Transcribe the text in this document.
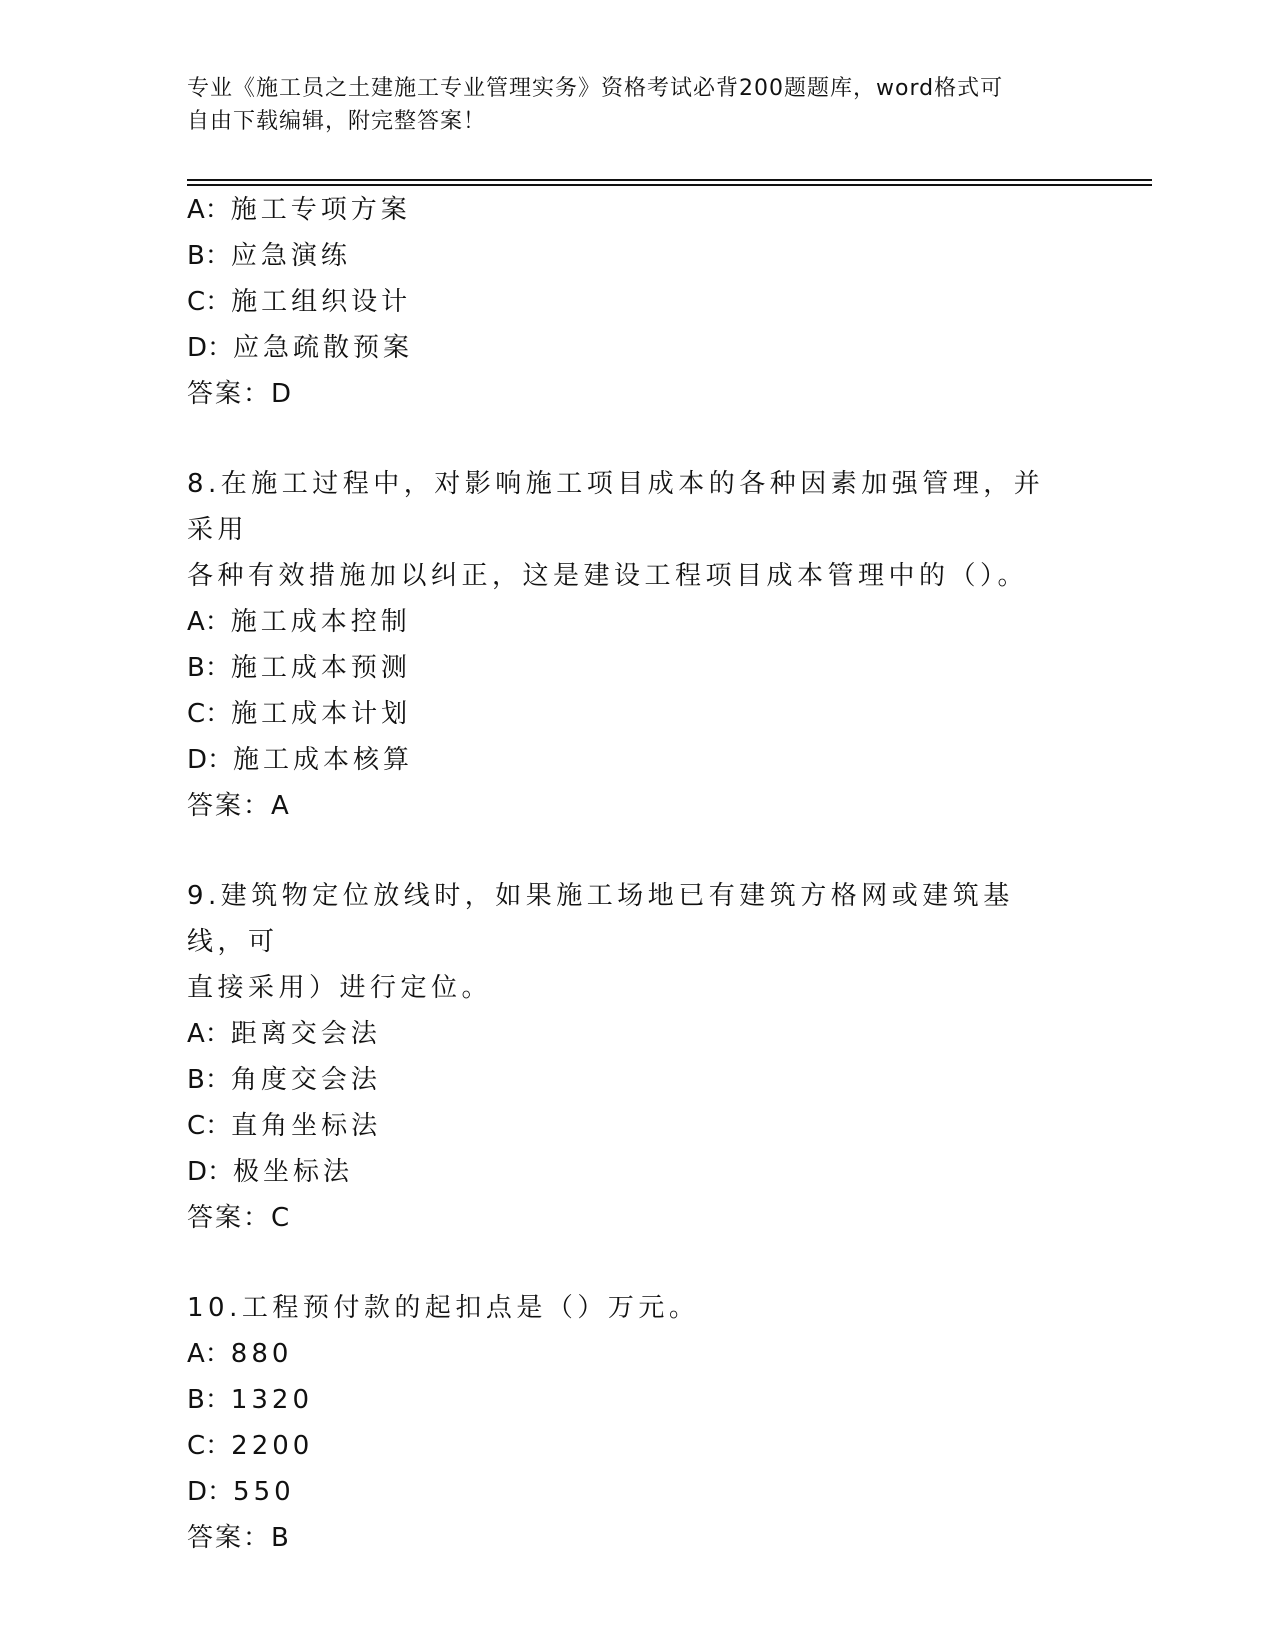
专业《施工员之土建施工专业管理实务》资格考试必背200题题库，word格式可
自由下载编辑，附完整答案！
A：施工专项方案
B：应急演练
C：施工组织设计
D：应急疏散预案
答案：D
8.在施工过程中，对影响施工项目成本的各种因素加强管理，并采用
各种有效措施加以纠正，这是建设工程项目成本管理中的（）。
A：施工成本控制
B：施工成本预测
C：施工成本计划
D：施工成本核算
答案：A
9.建筑物定位放线时，如果施工场地已有建筑方格网或建筑基线，可
直接采用）进行定位。
A：距离交会法
B：角度交会法
C：直角坐标法
D：极坐标法
答案：C
10.工程预付款的起扣点是（）万元。
A：880
B：1320
C：2200
D：550
答案：B
